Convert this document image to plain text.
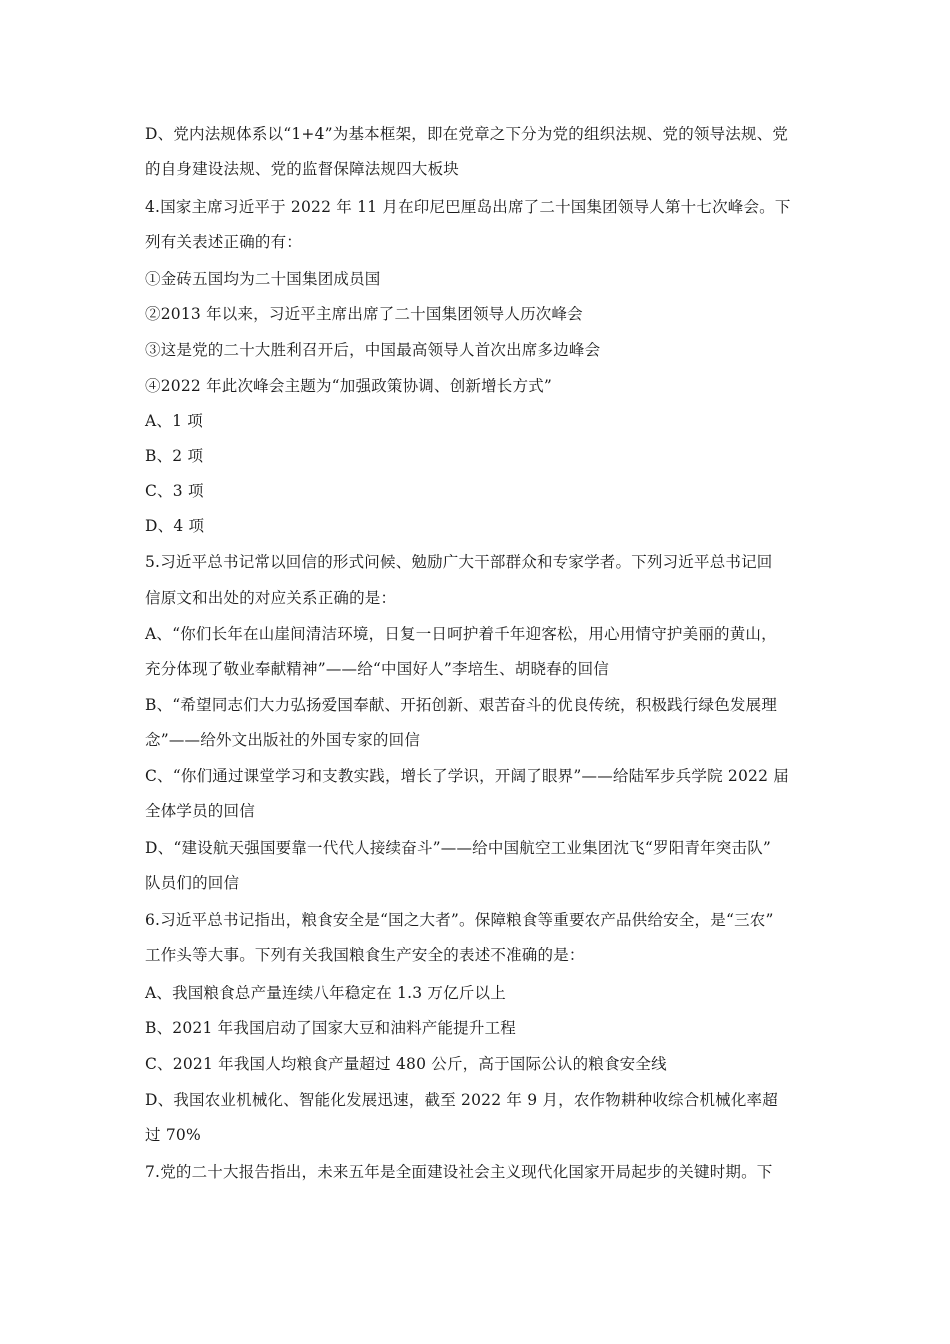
D、党内法规体系以“1+4”为基本框架，即在党章之下分为党的组织法规、党的领导法规、党
的自身建设法规、党的监督保障法规四大板块
4.国家主席习近平于 2022 年 11 月在印尼巴厘岛出席了二十国集团领导人第十七次峰会。下
列有关表述正确的有：
①金砖五国均为二十国集团成员国
②2013 年以来，习近平主席出席了二十国集团领导人历次峰会
③这是党的二十大胜利召开后，中国最高领导人首次出席多边峰会
④2022 年此次峰会主题为“加强政策协调、创新增长方式”
A、1 项
B、2 项
C、3 项
D、4 项
5.习近平总书记常以回信的形式问候、勉励广大干部群众和专家学者。下列习近平总书记回
信原文和出处的对应关系正确的是：
A、“你们长年在山崖间清洁环境，日复一日呵护着千年迎客松，用心用情守护美丽的黄山，
充分体现了敬业奉献精神”——给“中国好人”李培生、胡晓春的回信
B、“希望同志们大力弘扬爱国奉献、开拓创新、艰苦奋斗的优良传统，积极践行绿色发展理
念”——给外文出版社的外国专家的回信
C、“你们通过课堂学习和支教实践，增长了学识，开阔了眼界”——给陆军步兵学院 2022 届
全体学员的回信
D、“建设航天强国要靠一代代人接续奋斗”——给中国航空工业集团沈飞“罗阳青年突击队”
队员们的回信
6.习近平总书记指出，粮食安全是“国之大者”。保障粮食等重要农产品供给安全，是“三农”
工作头等大事。下列有关我国粮食生产安全的表述不准确的是：
A、我国粮食总产量连续八年稳定在 1.3 万亿斤以上
B、2021 年我国启动了国家大豆和油料产能提升工程
C、2021 年我国人均粮食产量超过 480 公斤，高于国际公认的粮食安全线
D、我国农业机械化、智能化发展迅速，截至 2022 年 9 月，农作物耕种收综合机械化率超
过 70%
7.党的二十大报告指出，未来五年是全面建设社会主义现代化国家开局起步的关键时期。下
